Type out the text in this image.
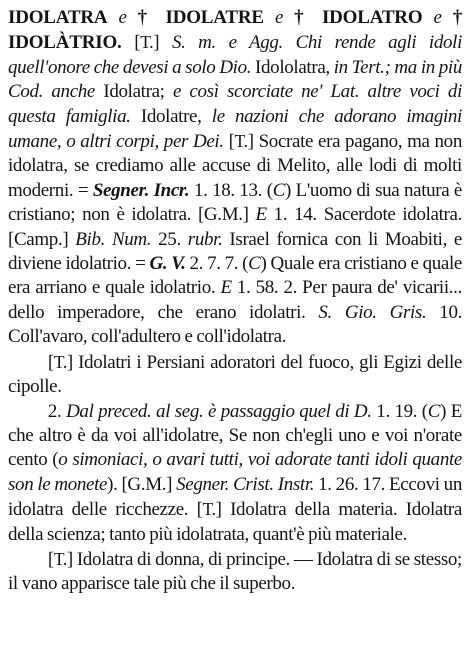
IDOLATRA e † IDOLATRE e † IDOLATRO e † IDOLÀTRIO. [T.] S. m. e Agg. Chi rende agli idoli quell'onore che devesi a solo Dio. Idololatra, in Tert.; ma in più Cod. anche Idolatra; e così scorciate ne' Lat. altre voci di questa famiglia. Idolatre, le nazioni che adorano imagini umane, o altri corpi, per Dei. [T.] Socrate era pagano, ma non idolatra, se crediamo alle accuse di Melito, alle lodi di molti moderni. = Segner. Incr. 1. 18. 13. (C) L'uomo di sua natura è cristiano; non è idolatra. [G.M.] E 1. 14. Sacerdote idolatra. [Camp.] Bib. Num. 25. rubr. Israel fornica con li Moabiti, e diviene idolatrio. = G. V. 2. 7. 7. (C) Quale era cristiano e quale era arriano e quale idolatrio. E 1. 58. 2. Per paura de' vicarii... dello imperadore, che erano idolatri. S. Gio. Gris. 10. Coll'avaro, coll'adultero e coll'idolatra.

[T.] Idolatri i Persiani adoratori del fuoco, gli Egizi delle cipolle.

2. Dal preced. al seg. è passaggio quel di D. 1. 19. (C) E che altro è da voi all'idolatre, Se non ch'egli uno e voi n'orate cento (o simoniaci, o avari tutti, voi adorate tanti idoli quante son le monete). [G.M.] Segner. Crist. Instr. 1. 26. 17. Eccovi un idolatra delle ricchezze. [T.] Idolatra della materia. Idolatra della scienza; tanto più idolatrata, quant'è più materiale.

[T.] Idolatra di donna, di principe. — Idolatra di se stesso; il vano apparisce tale più che il superbo.
